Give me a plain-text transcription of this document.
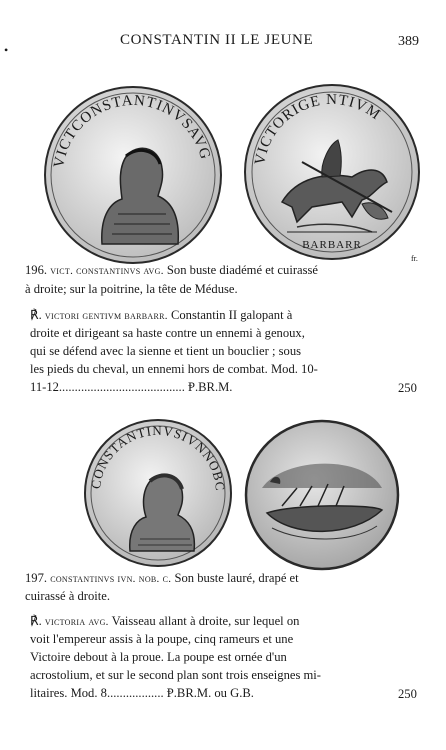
CONSTANTIN II LE JEUNE	389
•
VICTCONSTANTINVSAVG	VICTORIGE NTIVM
BARBARR
fr.
196. vict. constantinvs avg. Son buste diadémé et cuirassé
à droite; sur la poitrine, la tête de Méduse.
℟. victori gentivm barbarr. Constantin II galopant à
droite et dirigeant sa haste contre un ennemi à genoux,
qui se défend avec la sienne et tient un bouclier ; sous
les pieds du cheval, un ennemi hors de combat. Mod. 10-
11-12........................................ Ᵽ.BR.M.	250
CONSTANTINVSIVNNOBC
197. constantinvs ivn. nob. c. Son buste lauré, drapé et
cuirassé à droite.
℟. victoria avg. Vaisseau allant à droite, sur lequel on
voit l'empereur assis à la poupe, cinq rameurs et une
Victoire debout à la proue. La poupe est ornée d'un
acrostolium, et sur le second plan sont trois enseignes mi-
litaires. Mod. 8.................. Ᵽ.BR.M. ou G.B.	250
